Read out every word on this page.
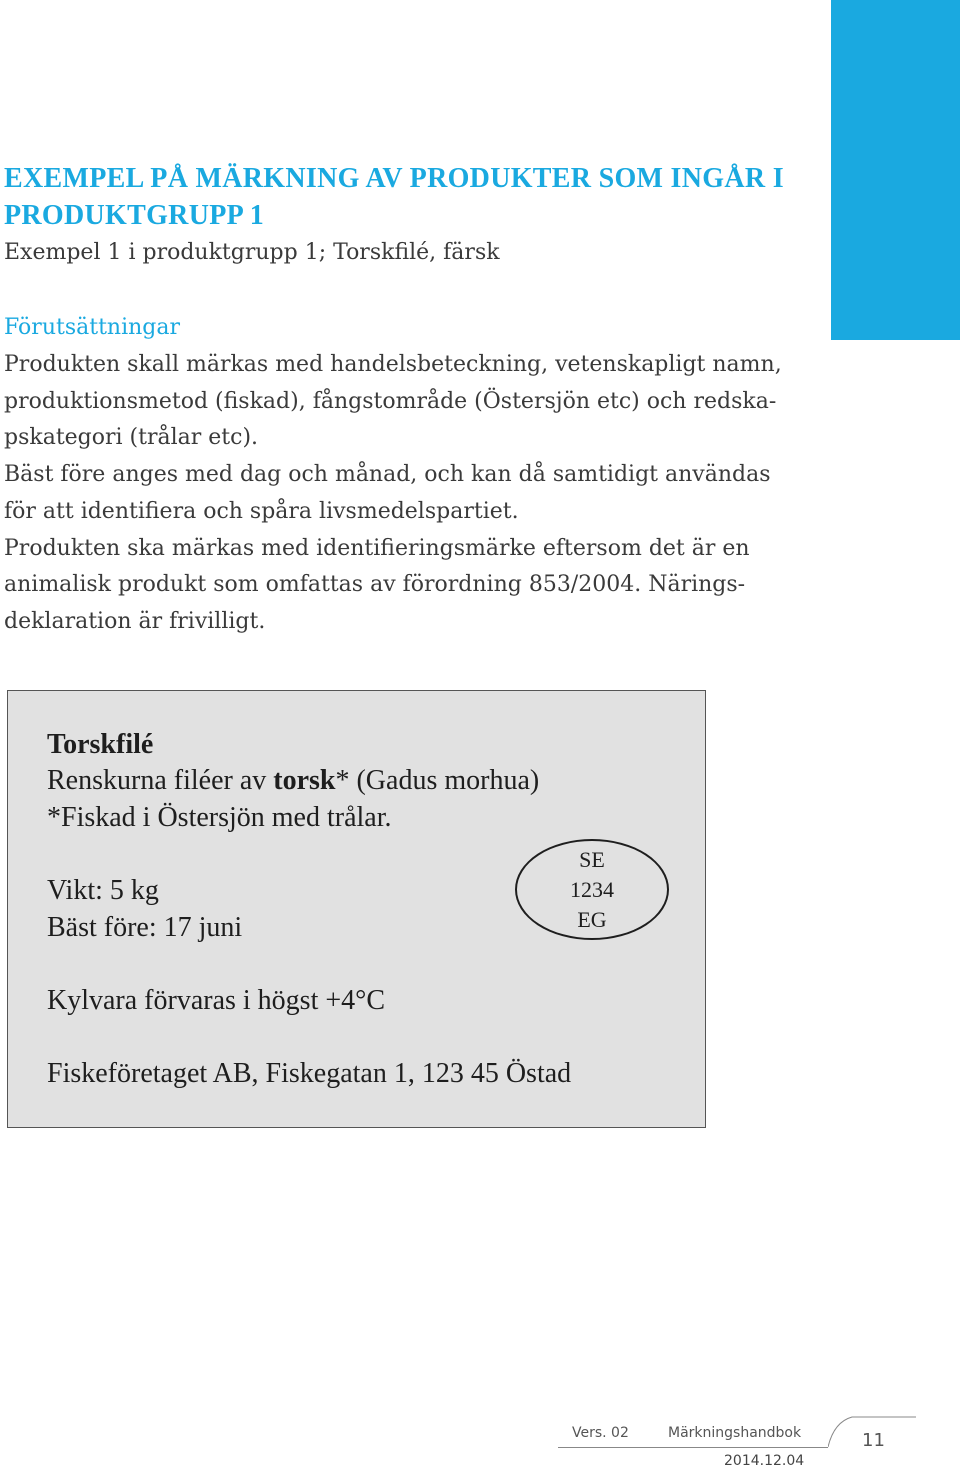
EXEMPEL PÅ MÄRKNING AV PRODUKTER SOM INGÅR I
PRODUKTGRUPP 1
Exempel 1 i produktgrupp 1; Torskfilé, färsk
Förutsättningar
Produkten skall märkas med handelsbeteckning, vetenskapligt namn,
produktionsmetod (fiskad), fångstområde (Östersjön etc) och redska-
pskategori (trålar etc).
Bäst före anges med dag och månad, och kan då samtidigt användas
för att identifiera och spåra livsmedelspartiet.
Produkten ska märkas med identifieringsmärke eftersom det är en
animalisk produkt som omfattas av förordning 853/2004. Närings-
deklaration är frivilligt.
Torskfilé
Renskurna filéer av torsk* (Gadus morhua)
*Fiskad i Östersjön med trålar.
Vikt: 5 kg
Bäst före: 17 juni
Kylvara förvaras i högst +4°C
Fiskeföretaget AB, Fiskegatan 1, 123 45 Östad
SE
1234
EG
Vers. 02	Märkningshandbok
2014.12.04
11
